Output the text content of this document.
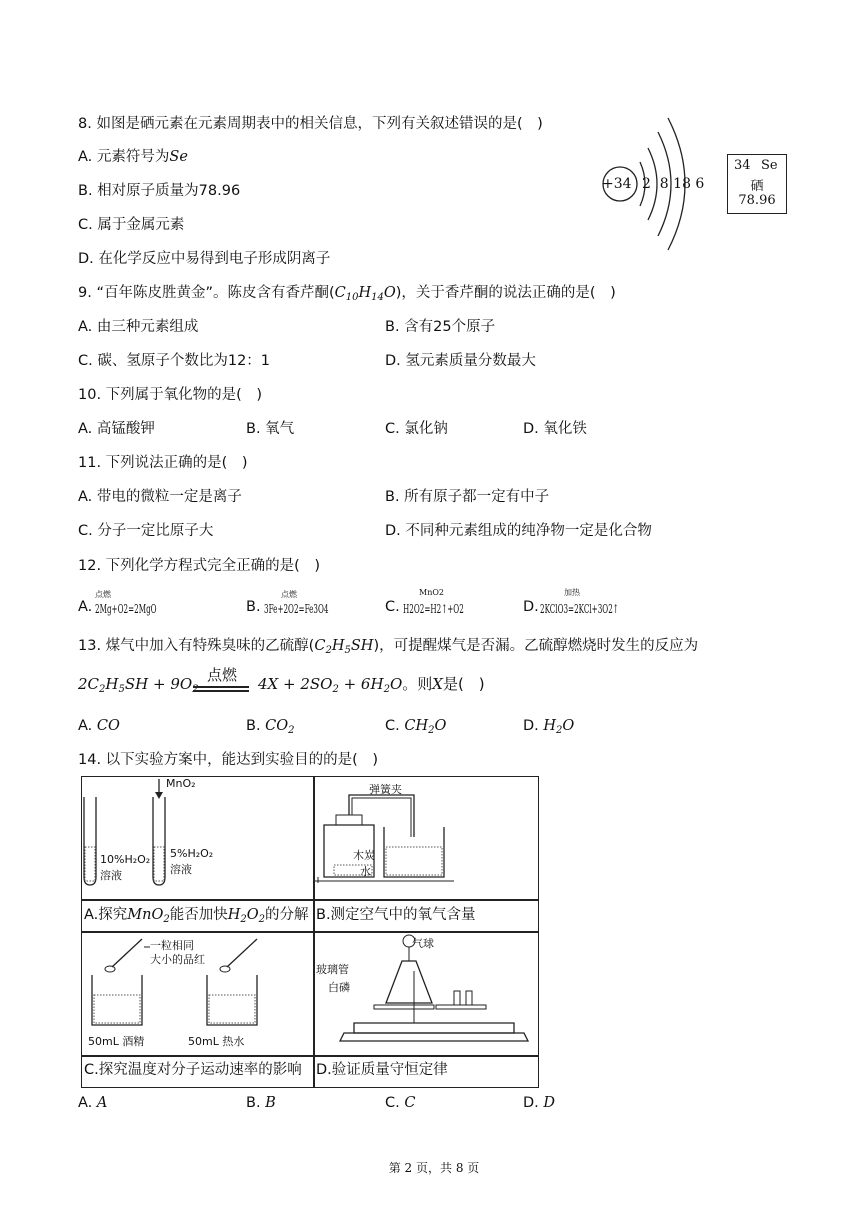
8. 如图是硒元素在元素周期表中的相关信息，下列有关叙述错误的是(　)
A. 元素符号为Se
B. 相对原子质量为78.96
C. 属于金属元素
D. 在化学反应中易得到电子形成阴离子
+34 2  8 18 6
34 Se
硒
78.96
9. “百年陈皮胜黄金”。陈皮含有香芹酮$(C_{10}H_{14}O)$，关于香芹酮的说法正确的是(　)
A. 由三种元素组成	B. 含有25个原子
C. 碳、氢原子个数比为12：1	D. 氢元素质量分数最大
10. 下列属于氧化物的是(　)
A. 高锰酸钾	B. 氧气	C. 氯化钠	D. 氧化铁
11. 下列说法正确的是(　)
A. 带电的微粒一定是离子	B. 所有原子都一定有中子
C. 分子一定比原子大	D. 不同种元素组成的纯净物一定是化合物
12. 下列化学方程式完全正确的是(　)
A.
点燃
2Mg+O2=2MgO	B.
点燃
3Fe+2O2=Fe3O4	C.
MnO2
H2O2=H2↑+O2	D.
加热
2KClO3=2KCl+3O2↑
13. 煤气中加入有特殊臭味的乙硫醇$(C_2H_5SH)$，可提醒煤气是否漏。乙硫醇燃烧时发生的反应为
$2C_2H_5SH + 9O$ 点燃	$4X + 2SO_2 + 6H_2O$。则X是(　)
A. CO	B. $CO_2$	C. $CH_2O$	D. $H_2O$
14. 以下实验方案中，能达到实验目的的是(　)
MnO₂
10%H₂O₂
溶液
5%H₂O₂
溶液
弹簧夹
木炭
水
A.探究MnO$_2$能否加快$H_2O_2$的分解 B.测定空气中的氧气含量
一粒相同
大小的品红
50mL 酒精	50mL 热水
气球
玻璃管
白磷
C.探究温度对分子运动速率的影响 D.验证质量守恒定律
A. A	B. B	C. C	D. D
第 2 页，共 8 页
